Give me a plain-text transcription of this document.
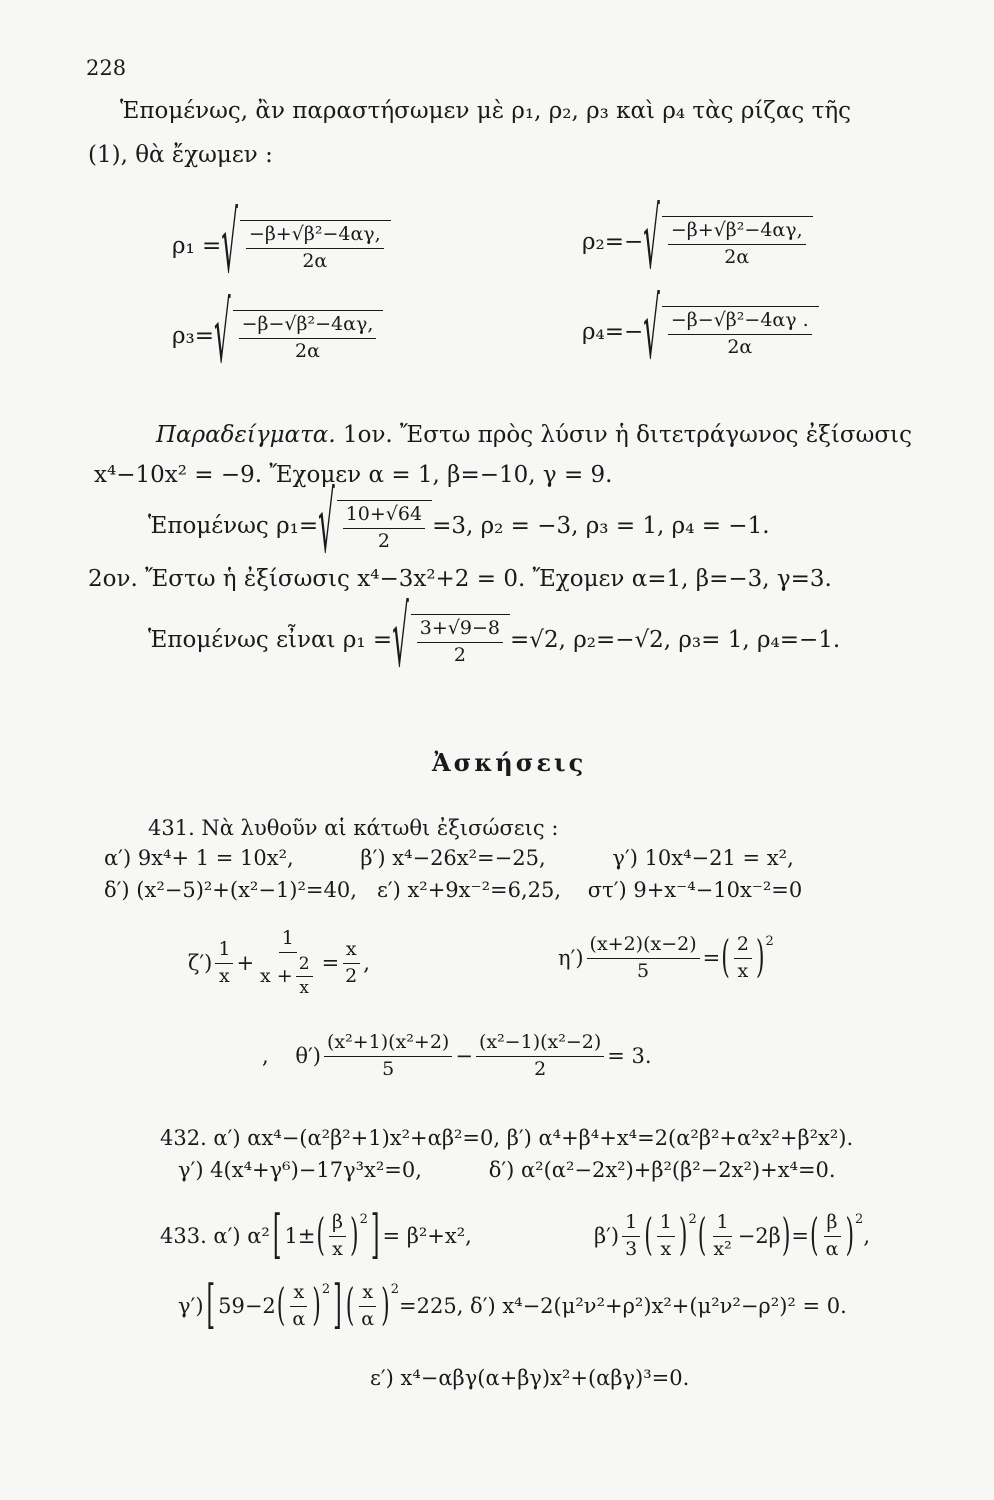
228
Ἑπομένως, ἂν παραστήσωμεν μὲ ρ₁, ρ₂, ρ₃ καὶ ρ₄ τὰς ρίζας τῆς
(1), θὰ ἔχωμεν :
ρ₁ = √ $\frac{\text{−β+√β²−4αγ,}}{2\alpha}$	ρ₂=− √ $\frac{\text{−β+√β²−4αγ,}}{2\alpha}$
ρ₃= √ $\frac{\text{−β−√β²−4αγ,}}{2\alpha}$	ρ₄=− √ $\frac{\text{−β−√β²−4αγ .}}{2\alpha}$
Παραδείγματα. 1ον. Ἔστω πρὸς λύσιν ἡ διτετράγωνος ἐξίσωσις
x⁴−10x² = −9. Ἔχομεν α = 1, β=−10, γ = 9.
Ἑπομένως ρ₁= √ $\frac{10+√64}{2} =3$, ρ₂ = −3, ρ₃ = 1, ρ₄ = −1.
2ον. Ἔστω ἡ ἐξίσωσις x⁴−3x²+2 = 0. Ἔχομεν α=1, β=−3, γ=3.
Ἑπομένως εἶναι ρ₁ = √ $\frac{3+√9-8}{2} =√2$, ρ₂=−√2, ρ₃= 1, ρ₄=−1.
Ἀσκήσεις
431. Νὰ λυθοῦν αἱ κάτωθι ἐξισώσεις :
α′) 9x⁴+ 1 = 10x²,          β′) x⁴−26x²=−25,          γ′) 10x⁴−21 = x²,
δ′) (x²−5)²+(x²−1)²=40,   ε′) x²+9x⁻²=6,25,    στ′) 9+x⁻⁴−10x⁻²=0
$\zeta') \frac{1}{x} + \frac{1}{x + \frac{2}{x}} = \frac{x}{2}$ ,	$\eta') \frac{(x+2)(x-2)}{5}$ = ( $\frac{2}{x} )^2$
,    $\theta') \frac{\text{(x²+1)(x²+2)}}{5} - \frac{\text{(x²−1)(x²−2)}}{2} = 3$.
432. α′) αx⁴−(α²β²+1)x²+αβ²=0, β′) α⁴+β⁴+x⁴=2(α²β²+α²x²+β²x²).
γ′) 4(x⁴+γ⁶)−17γ³x²=0,          δ′) α²(α²−2x²)+β²(β²−2x²)+x⁴=0.
433. α′) α² [ 1± ( $\frac{\beta}{x} )^2$ ] = β²+x²,	$\beta') \frac{1}{3}$ ( $\frac{1}{x} )^2$ ( $\frac{1}{\text{x²}} -2\beta$ ) = ( $\frac{\beta}{\alpha} )^2$
,
γ′) [ 59−2 ( $\frac{x}{\alpha} )^2$ ] ( $\frac{x}{\alpha} )^2$
=225, δ′) x⁴−2(μ²ν²+ρ²)x²+(μ²ν²−ρ²)² = 0.
ε′) x⁴−αβγ(α+βγ)x²+(αβγ)³=0.
